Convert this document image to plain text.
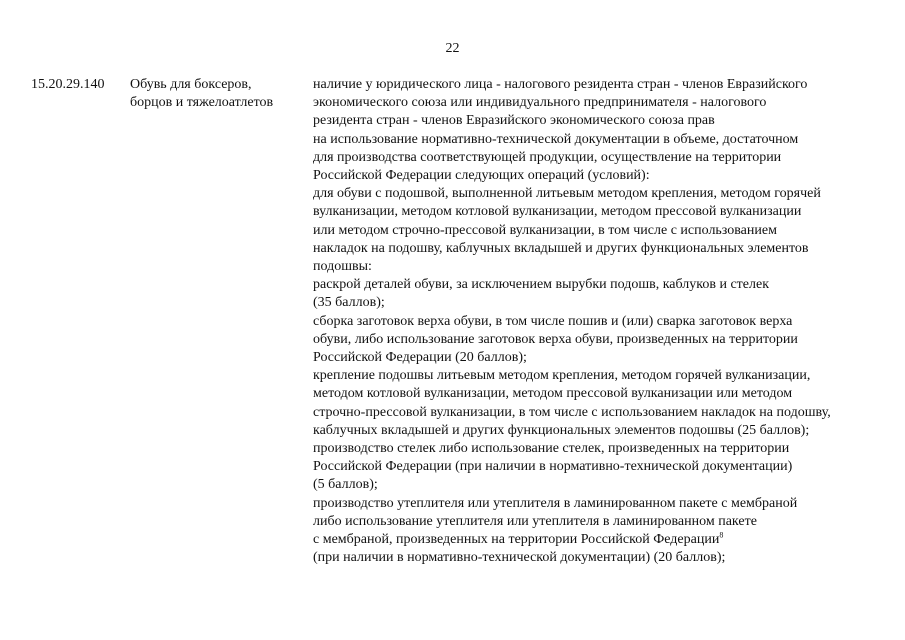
22
15.20.29.140 Обувь для боксеров,
борцов и тяжелоатлетов
наличие у юридического лица - налогового резидента стран - членов Евразийского
экономического союза или индивидуального предпринимателя - налогового
резидента стран - членов Евразийского экономического союза прав
на использование нормативно-технической документации в объеме, достаточном
для производства соответствующей продукции, осуществление на территории
Российской Федерации следующих операций (условий):
для обуви с подошвой, выполненной литьевым методом крепления, методом горячей
вулканизации, методом котловой вулканизации, методом прессовой вулканизации
или методом строчно-прессовой вулканизации, в том числе с использованием
накладок на подошву, каблучных вкладышей и других функциональных элементов
подошвы:
раскрой деталей обуви, за исключением вырубки подошв, каблуков и стелек
(35 баллов);
сборка заготовок верха обуви, в том числе пошив и (или) сварка заготовок верха
обуви, либо использование заготовок верха обуви, произведенных на территории
Российской Федерации (20 баллов);
крепление подошвы литьевым методом крепления, методом горячей вулканизации,
методом котловой вулканизации, методом прессовой вулканизации или методом
строчно-прессовой вулканизации, в том числе с использованием накладок на подошву,
каблучных вкладышей и других функциональных элементов подошвы (25 баллов);
производство стелек либо использование стелек, произведенных на территории
Российской Федерации (при наличии в нормативно-технической документации)
(5 баллов);
производство утеплителя или утеплителя в ламинированном пакете с мембраной
либо использование утеплителя или утеплителя в ламинированном пакете
с мембраной, произведенных на территории Российской Федерации$^8$
(при наличии в нормативно-технической документации) (20 баллов);
